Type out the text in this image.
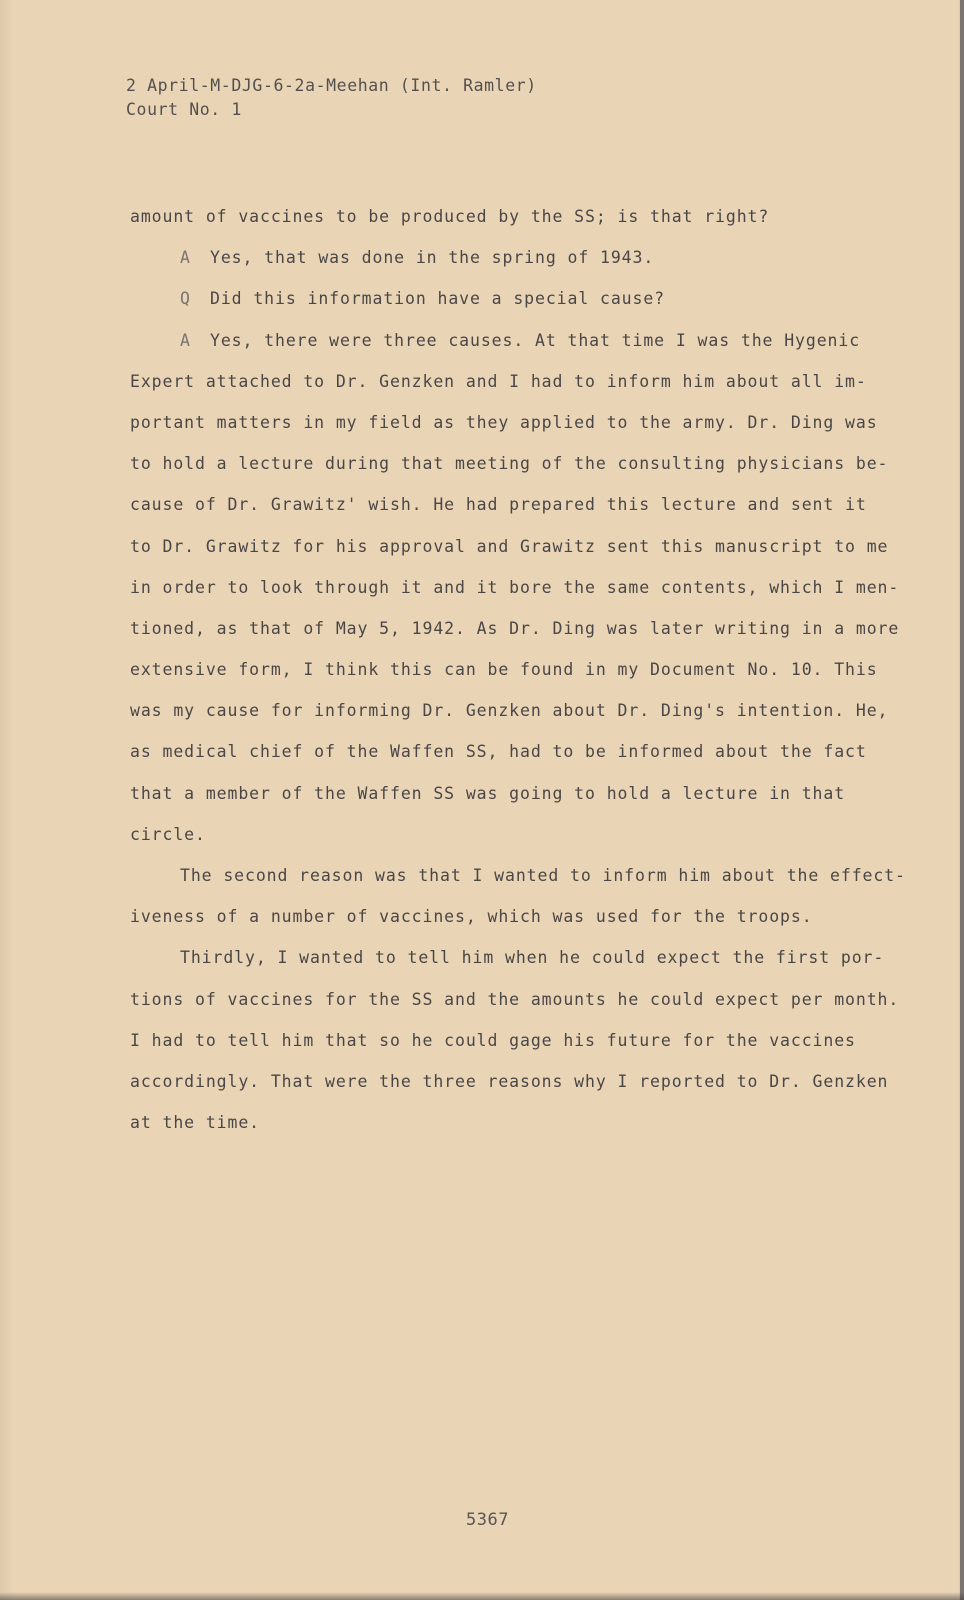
2 April-M-DJG-6-2a-Meehan (Int. Ramler)
Court No. 1
amount of vaccines to be produced by the SS; is that right?
A Yes, that was done in the spring of 1943.
Q Did this information have a special cause?
A Yes, there were three causes. At that time I was the Hygenic
Expert attached to Dr. Genzken and I had to inform him about all im-
portant matters in my field as they applied to the army. Dr. Ding was
to hold a lecture during that meeting of the consulting physicians be-
cause of Dr. Grawitz' wish. He had prepared this lecture and sent it
to Dr. Grawitz for his approval and Grawitz sent this manuscript to me
in order to look through it and it bore the same contents, which I men-
tioned, as that of May 5, 1942. As Dr. Ding was later writing in a more
extensive form, I think this can be found in my Document No. 10. This
was my cause for informing Dr. Genzken about Dr. Ding's intention. He,
as medical chief of the Waffen SS, had to be informed about the fact
that a member of the Waffen SS was going to hold a lecture in that
circle.
The second reason was that I wanted to inform him about the effect-
iveness of a number of vaccines, which was used for the troops.
Thirdly, I wanted to tell him when he could expect the first por-
tions of vaccines for the SS and the amounts he could expect per month.
I had to tell him that so he could gage his future for the vaccines
accordingly. That were the three reasons why I reported to Dr. Genzken
at the time.
5367
